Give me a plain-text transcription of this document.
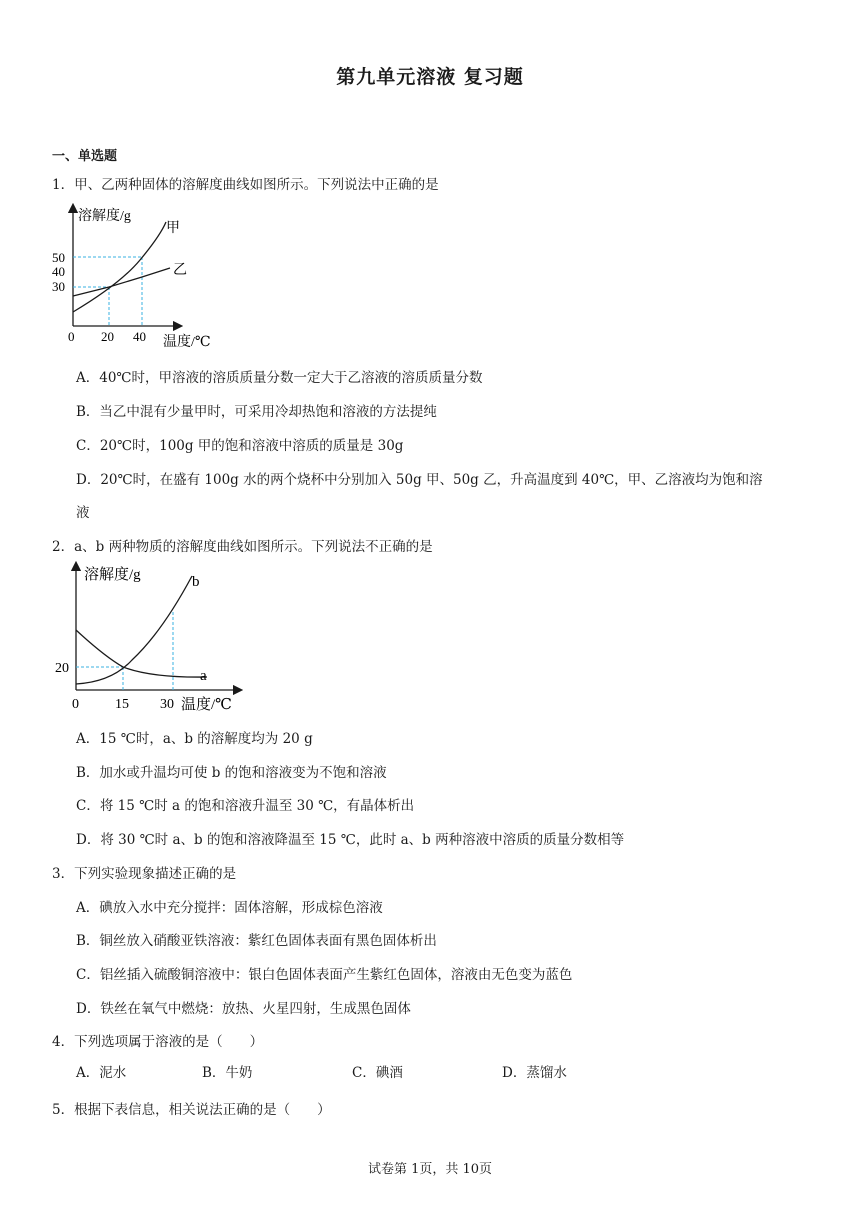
第九单元溶液 复习题
一、单选题
1．甲、乙两种固体的溶解度曲线如图所示。下列说法中正确的是
溶解度/g
温度/℃
50
40
30
0 20 40
甲
乙
A．40℃时，甲溶液的溶质质量分数一定大于乙溶液的溶质质量分数
B．当乙中混有少量甲时，可采用冷却热饱和溶液的方法提纯
C．20℃时，100g 甲的饱和溶液中溶质的质量是 30g
D．20℃时，在盛有 100g 水的两个烧杯中分别加入 50g 甲、50g 乙，升高温度到 40℃，甲、乙溶液均为饱和溶
液
2．a、b 两种物质的溶解度曲线如图所示。下列说法不正确的是
溶解度/g
温度/℃
20
0	15 30
b
a
A．15 ℃时，a、b 的溶解度均为 20 g
B．加水或升温均可使 b 的饱和溶液变为不饱和溶液
C．将 15 ℃时 a 的饱和溶液升温至 30 ℃，有晶体析出
D．将 30 ℃时 a、b 的饱和溶液降温至 15 ℃，此时 a、b 两种溶液中溶质的质量分数相等
3．下列实验现象描述正确的是
A．碘放入水中充分搅拌：固体溶解，形成棕色溶液
B．铜丝放入硝酸亚铁溶液：紫红色固体表面有黑色固体析出
C．铝丝插入硫酸铜溶液中：银白色固体表面产生紫红色固体，溶液由无色变为蓝色
D．铁丝在氧气中燃烧：放热、火星四射，生成黑色固体
4．下列选项属于溶液的是（　　）
A．泥水	B．牛奶	C．碘酒	D．蒸馏水
5．根据下表信息，相关说法正确的是（　　）
试卷第 1页，共 10页
